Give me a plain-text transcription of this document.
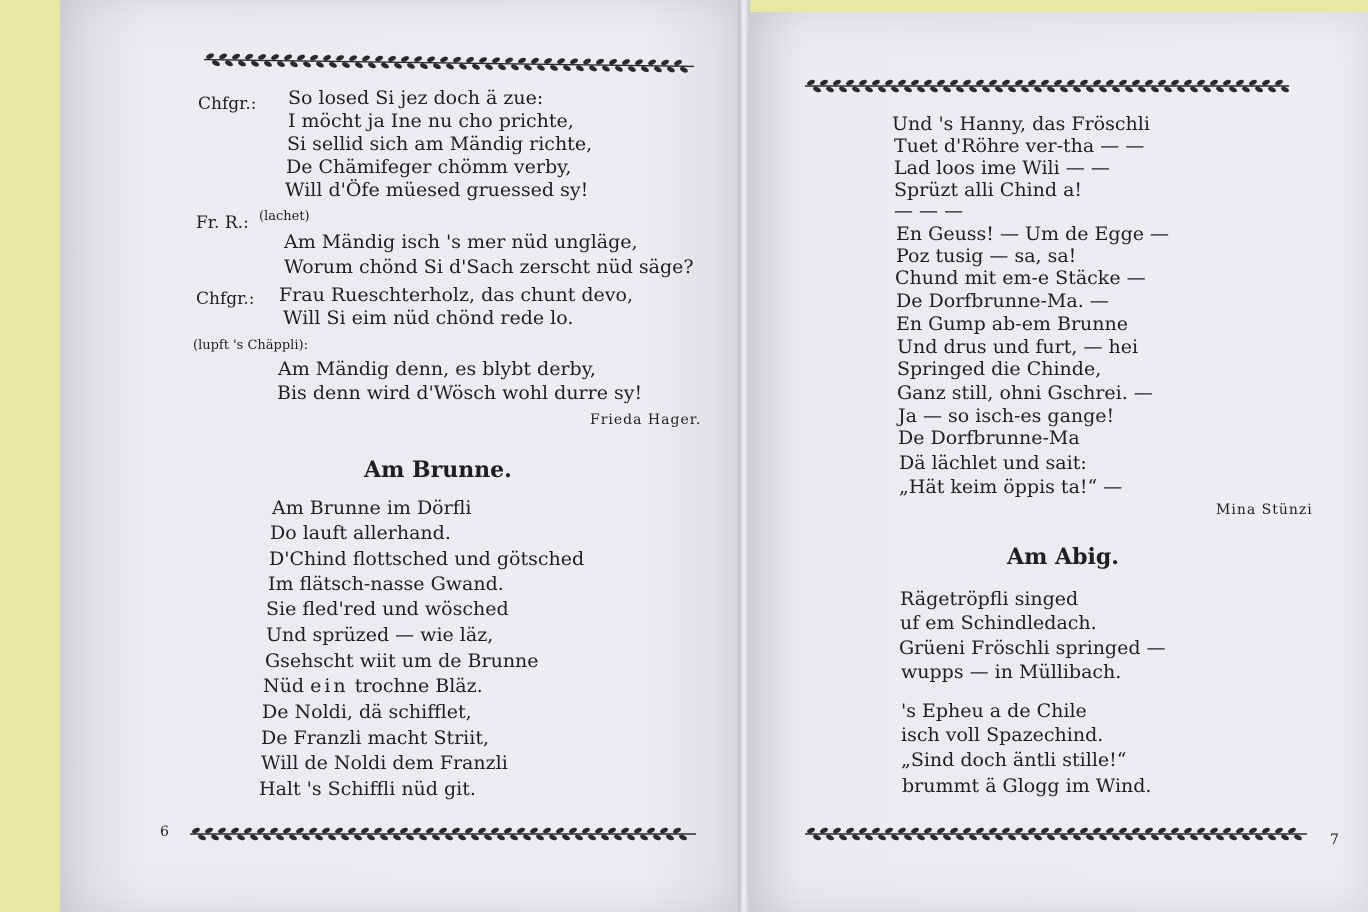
Chfgr.: So losed Si jez doch ä zue:
I möcht ja Ine nu cho prichte,
Si sellid sich am Mändig richte,
De Chämifeger chömm verby,
Will d'Öfe müesed gruessed sy!
Fr. R.: (lachet)
Am Mändig isch 's mer nüd ungläge,
Worum chönd Si d'Sach zerscht nüd säge?
Chfgr.: Frau Rueschterholz, das chunt devo,
Will Si eim nüd chönd rede lo.
(lupft 's Chäppli):
Am Mändig denn, es blybt derby,
Bis denn wird d'Wösch wohl durre sy!
Frieda Hager.
Am Brunne.
Am Brunne im Dörfli
Do lauft allerhand.
D'Chind flottsched und götsched
Im flätsch-nasse Gwand.
Sie fled'red und wösched
Und sprüzed — wie läz,
Gsehscht wiit um de Brunne
Nüd ein trochne Bläz.
De Noldi, dä schifflet,
De Franzli macht Striit,
Will de Noldi dem Franzli
Halt 's Schiffli nüd git.
6
Und 's Hanny, das Fröschli
Tuet d'Röhre ver-tha — —
Lad loos ime Wili — —
Sprüzt alli Chind a!
— — —
En Geuss! — Um de Egge —
Poz tusig — sa, sa!
Chund mit em-e Stäcke —
De Dorfbrunne-Ma. —
En Gump ab-em Brunne
Und drus und furt, — hei
Springed die Chinde,
Ganz still, ohni Gschrei. —
Ja — so isch-es gange!
De Dorfbrunne-Ma
Dä lächlet und sait:
„Hät keim öppis ta!“ —
Mina Stünzi
Am Abig.
Rägetröpfli singed
uf em Schindledach.
Grüeni Fröschli springed —
wupps — in Müllibach.
's Epheu a de Chile
isch voll Spazechind.
„Sind doch äntli stille!“
brummt ä Glogg im Wind.
7
